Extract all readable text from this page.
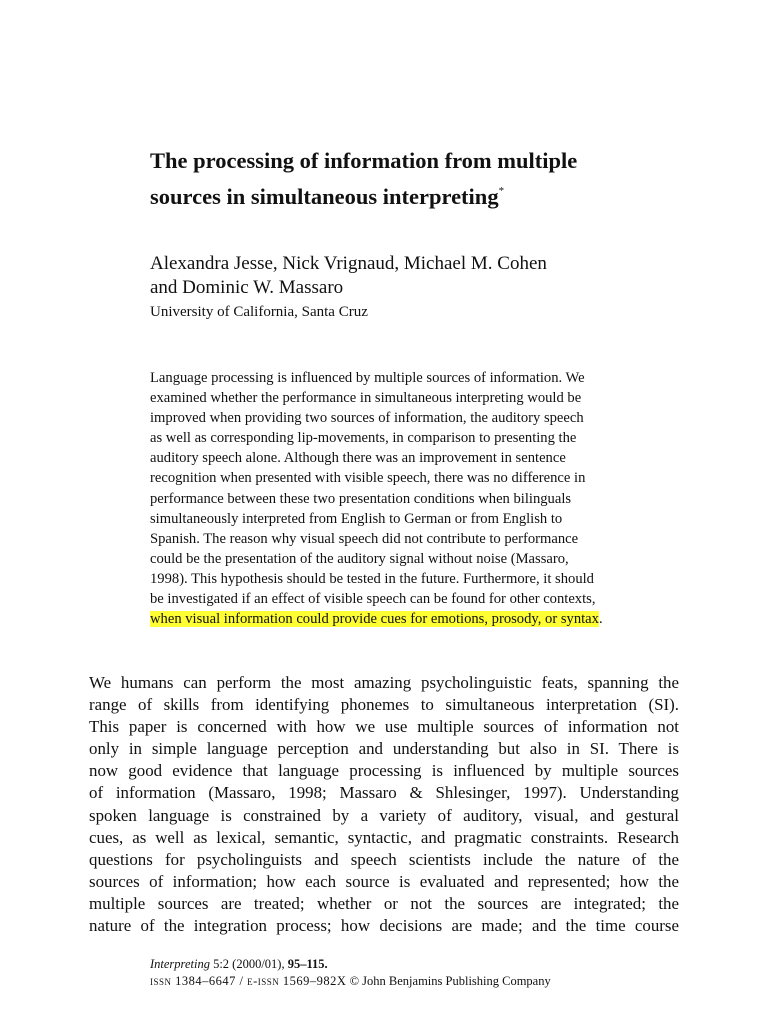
The processing of information from multiple
sources in simultaneous interpreting*
Alexandra Jesse, Nick Vrignaud, Michael M. Cohen
and Dominic W. Massaro
University of California, Santa Cruz
Language processing is influenced by multiple sources of information. We
examined whether the performance in simultaneous interpreting would be
improved when providing two sources of information, the auditory speech
as well as corresponding lip-movements, in comparison to presenting the
auditory speech alone. Although there was an improvement in sentence
recognition when presented with visible speech, there was no difference in
performance between these two presentation conditions when bilinguals
simultaneously interpreted from English to German or from English to
Spanish. The reason why visual speech did not contribute to performance
could be the presentation of the auditory signal without noise (Massaro,
1998). This hypothesis should be tested in the future. Furthermore, it should
be investigated if an effect of visible speech can be found for other contexts,
when visual information could provide cues for emotions, prosody, or syntax.
We humans can perform the most amazing psycholinguistic feats, spanning the
range of skills from identifying phonemes to simultaneous interpretation (SI).
This paper is concerned with how we use multiple sources of information not
only in simple language perception and understanding but also in SI. There is
now good evidence that language processing is influenced by multiple sources
of information (Massaro, 1998; Massaro & Shlesinger, 1997). Understanding
spoken language is constrained by a variety of auditory, visual, and gestural
cues, as well as lexical, semantic, syntactic, and pragmatic constraints. Research
questions for psycholinguists and speech scientists include the nature of the
sources of information; how each source is evaluated and represented; how the
multiple sources are treated; whether or not the sources are integrated; the
nature of the integration process; how decisions are made; and the time course
Interpreting 5:2 (2000/01), 95–115.
issn 1384–6647 / e-issn 1569–982X © John Benjamins Publishing Company
